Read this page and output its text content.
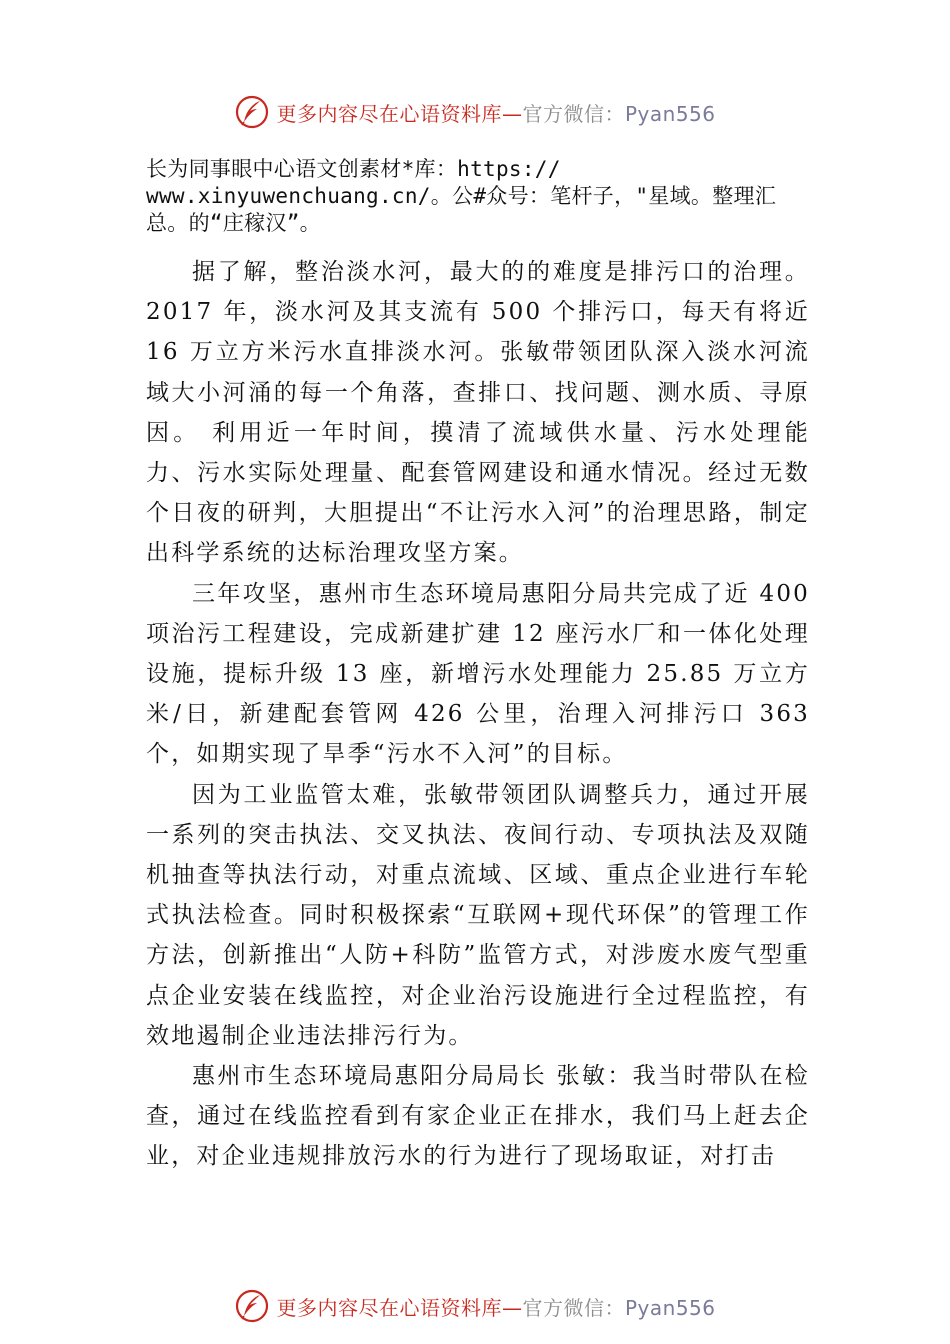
更多内容尽在心语资料库—官方微信：Pyan556
长为同事眼中心语文创素材*库：https://
www.xinyuwenchuang.cn/。公#众号：笔杆子，"星域。整理汇
总。的“庄稼汉”。

据了解，整治淡水河，最大的的难度是排污口的治理。2017 年，淡水河及其支流有 500 个排污口，每天有将近 16 万立方米污水直排淡水河。张敏带领团队深入淡水河流域大小河涌的每一个角落，查排口、找问题、测水质、寻原因。 利用近一年时间，摸清了流域供水量、污水处理能力、污水实际处理量、配套管网建设和通水情况。经过无数个日夜的研判，大胆提出“不让污水入河”的治理思路，制定出科学系统的达标治理攻坚方案。

三年攻坚，惠州市生态环境局惠阳分局共完成了近 400 项治污工程建设，完成新建扩建 12 座污水厂和一体化处理设施，提标升级 13 座，新增污水处理能力 25.85 万立方米/日，新建配套管网 426 公里，治理入河排污口 363 个，如期实现了旱季“污水不入河”的目标。

因为工业监管太难，张敏带领团队调整兵力，通过开展一系列的突击执法、交叉执法、夜间行动、专项执法及双随机抽查等执法行动，对重点流域、区域、重点企业进行车轮式执法检查。同时积极探索“互联网+现代环保”的管理工作方法，创新推出“人防+科防”监管方式，对涉废水废气型重点企业安装在线监控，对企业治污设施进行全过程监控，有效地遏制企业违法排污行为。

惠州市生态环境局惠阳分局局长 张敏：我当时带队在检查，通过在线监控看到有家企业正在排水，我们马上赶去企业，对企业违规排放污水的行为进行了现场取证，对打击

更多内容尽在心语资料库—官方微信：Pyan556
